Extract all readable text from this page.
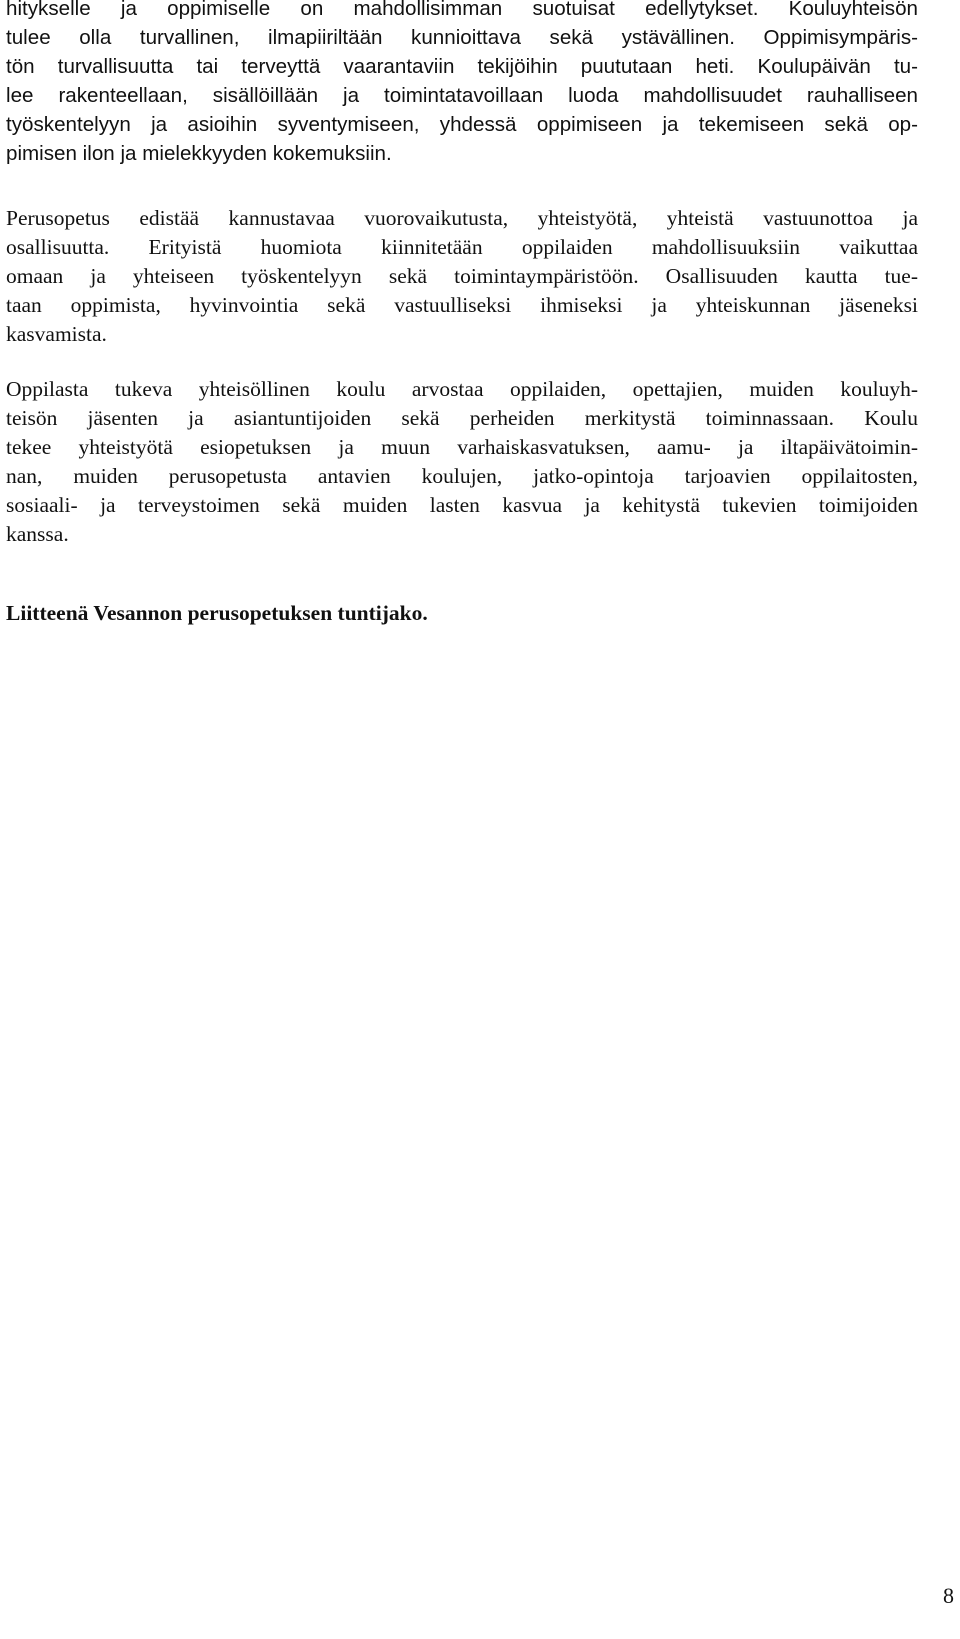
hitykselle ja oppimiselle on mahdollisimman suotuisat edellytykset. Kouluyhteisön
tulee olla turvallinen, ilmapiiriltään kunnioittava sekä ystävällinen. Oppimisympäris-
tön turvallisuutta tai terveyttä vaarantaviin tekijöihin puututaan heti. Koulupäivän tu-
lee rakenteellaan, sisällöillään ja toimintatavoillaan luoda mahdollisuudet rauhalliseen
työskentelyyn ja asioihin syventymiseen, yhdessä oppimiseen ja tekemiseen sekä op-
pimisen ilon ja mielekkyyden kokemuksiin.
Perusopetus edistää kannustavaa vuorovaikutusta, yhteistyötä, yhteistä vastuunottoa ja
osallisuutta. Erityistä huomiota kiinnitetään oppilaiden mahdollisuuksiin vaikuttaa
omaan ja yhteiseen työskentelyyn sekä toimintaympäristöön. Osallisuuden kautta tue-
taan oppimista, hyvinvointia sekä vastuulliseksi ihmiseksi ja yhteiskunnan jäseneksi
kasvamista.
Oppilasta tukeva yhteisöllinen koulu arvostaa oppilaiden, opettajien, muiden kouluyh-
teisön jäsenten ja asiantuntijoiden sekä perheiden merkitystä toiminnassaan. Koulu
tekee yhteistyötä esiopetuksen ja muun varhaiskasvatuksen, aamu- ja iltapäivätoimin-
nan, muiden perusopetusta antavien koulujen, jatko-opintoja tarjoavien oppilaitosten,
sosiaali- ja terveystoimen sekä muiden lasten kasvua ja kehitystä tukevien toimijoiden
kanssa.
Liitteenä Vesannon perusopetuksen tuntijako.
8
